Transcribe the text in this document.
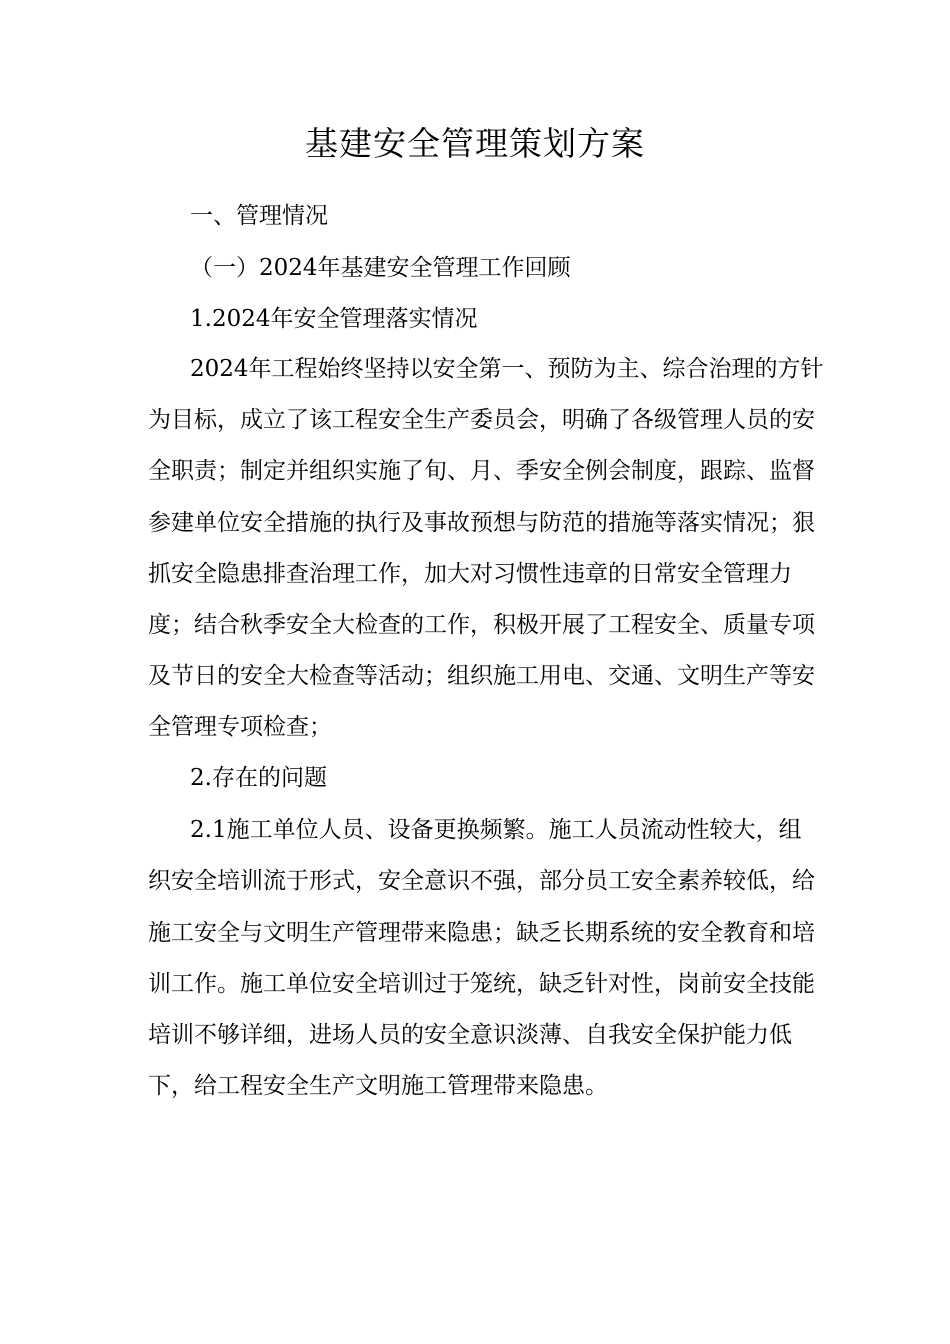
基建安全管理策划方案

一、管理情况

（一）2024年基建安全管理工作回顾

1.2024年安全管理落实情况

2024年工程始终坚持以安全第一、预防为主、综合治理的方针

为目标，成立了该工程安全生产委员会，明确了各级管理人员的安

全职责；制定并组织实施了旬、月、季安全例会制度，跟踪、监督

参建单位安全措施的执行及事故预想与防范的措施等落实情况；狠

抓安全隐患排查治理工作，加大对习惯性违章的日常安全管理力

度；结合秋季安全大检查的工作，积极开展了工程安全、质量专项

及节日的安全大检查等活动；组织施工用电、交通、文明生产等安

全管理专项检查；

2.存在的问题

2.1施工单位人员、设备更换频繁。施工人员流动性较大，组

织安全培训流于形式，安全意识不强，部分员工安全素养较低，给

施工安全与文明生产管理带来隐患；缺乏长期系统的安全教育和培

训工作。施工单位安全培训过于笼统，缺乏针对性，岗前安全技能

培训不够详细，进场人员的安全意识淡薄、自我安全保护能力低

下，给工程安全生产文明施工管理带来隐患。
